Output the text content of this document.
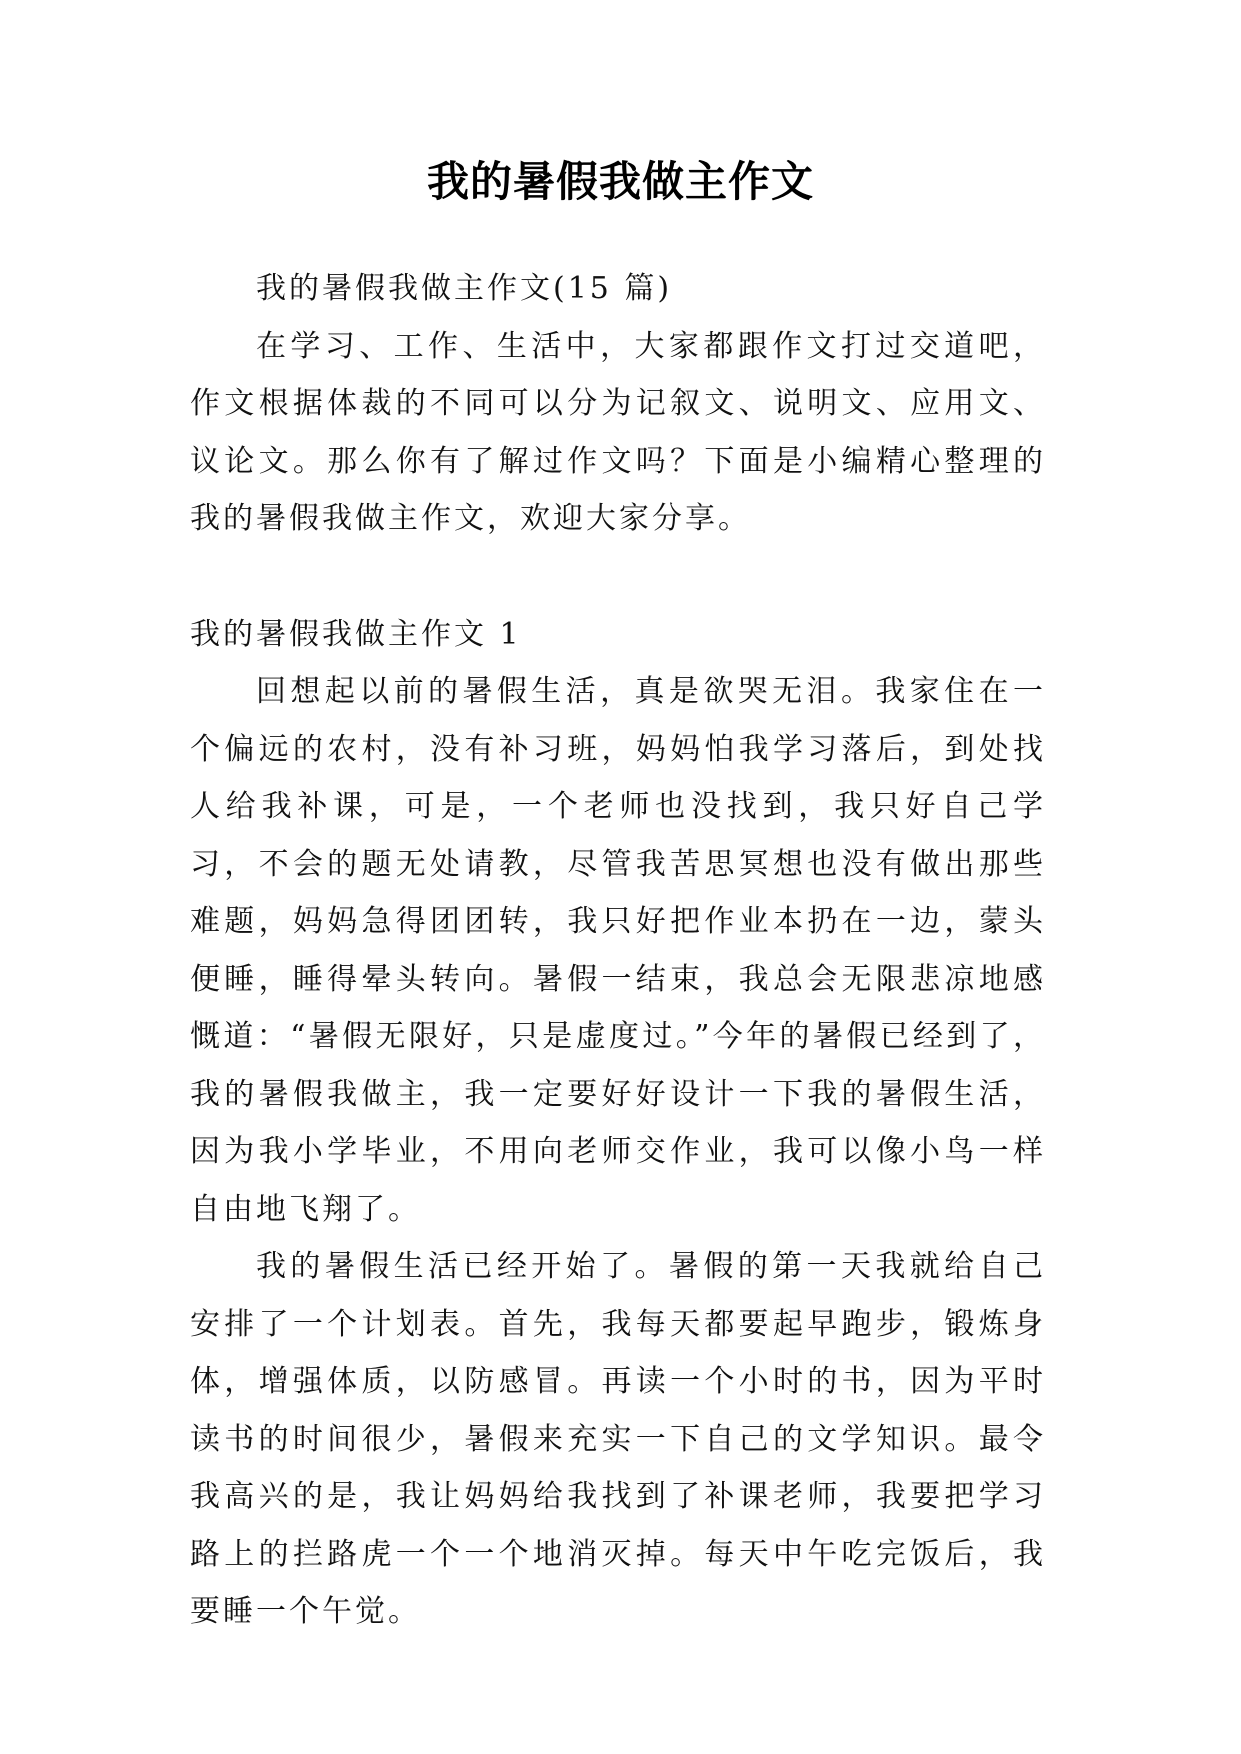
我的暑假我做主作文

我的暑假我做主作文(15 篇)

在学习、工作、生活中，大家都跟作文打过交道吧，作文根据体裁的不同可以分为记叙文、说明文、应用文、议论文。那么你有了解过作文吗？下面是小编精心整理的我的暑假我做主作文，欢迎大家分享。

我的暑假我做主作文 1

回想起以前的暑假生活，真是欲哭无泪。我家住在一个偏远的农村，没有补习班，妈妈怕我学习落后，到处找人给我补课，可是，一个老师也没找到，我只好自己学习，不会的题无处请教，尽管我苦思冥想也没有做出那些难题，妈妈急得团团转，我只好把作业本扔在一边，蒙头便睡，睡得晕头转向。暑假一结束，我总会无限悲凉地感慨道：“暑假无限好，只是虚度过。”今年的暑假已经到了，我的暑假我做主，我一定要好好设计一下我的暑假生活，因为我小学毕业，不用向老师交作业，我可以像小鸟一样自由地飞翔了。

我的暑假生活已经开始了。暑假的第一天我就给自己安排了一个计划表。首先，我每天都要起早跑步，锻炼身体，增强体质，以防感冒。再读一个小时的书，因为平时读书的时间很少，暑假来充实一下自己的文学知识。最令我高兴的是，我让妈妈给我找到了补课老师，我要把学习路上的拦路虎一个一个地消灭掉。每天中午吃完饭后，我要睡一个午觉。
